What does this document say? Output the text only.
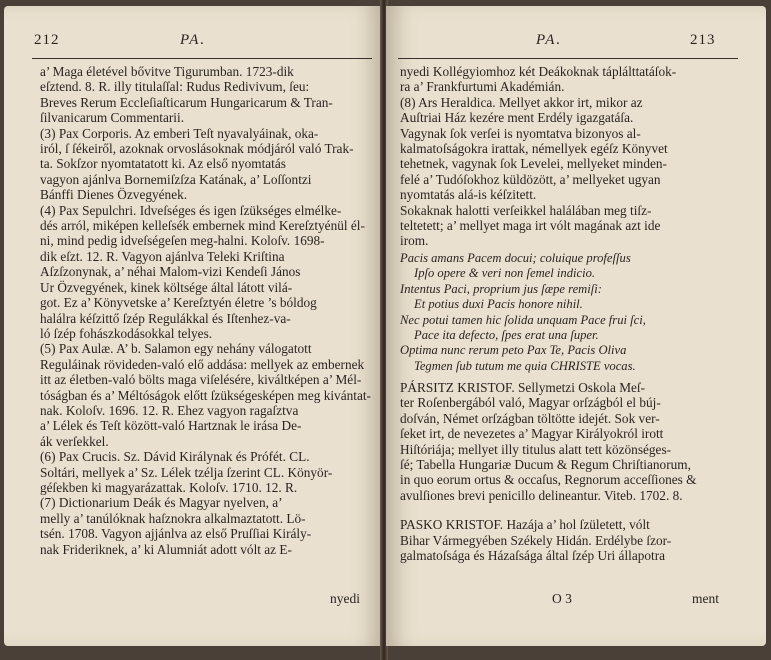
212	PA.
a’ Maga életével bővitve Tigurumban. 1723-dik
eſztend. 8. R. illy titulaſſal: Rudus Redivivum, ſeu:
Breves Rerum Eccleſiaſticarum Hungaricarum & Tran-
ſilvanicarum Commentarii.
(3) Pax Corporis. Az emberi Teſt nyavalyáinak, oka-
iról, ſ ſékeiről, azoknak orvoslásoknak módjáról való Trak-
ta. Sokſzor nyomtatatott ki. Az első nyomtatás
vagyon ajánlva Bornemiſzſza Katának, a’ Loſſontzi
Bánffi Dienes Özvegyének.
(4) Pax Sepulchri. Idveſséges és igen ſzükséges elmélke-
dés arról, miképen kelleſsék embernek mind Kereſztyénül él-
ni, mind pedig idveſségeſen meg-halni. Koloſv. 1698-
dik eſzt. 12. R. Vagyon ajánlva Teleki Kriſtina
Aſzſzonynak, a’ néhai Malom-vizi Kendeſi János
Ur Özvegyének, kinek költsége által látott vilá-
got. Ez a’ Könyvetske a’ Kereſztyén életre ’s bóldog
halálra kéſzittő ſzép Regulákkal és Iſtenhez-va-
ló ſzép fohászkodásokkal telyes.
(5) Pax Aulæ. A’ b. Salamon egy nehány válogatott
Reguláinak rövideden-való elő addása: mellyek az embernek
itt az életben-való bölts maga viſelésére, kiváltképen a’ Mél-
tóságban és a’ Méltóságok előtt ſzükségesképen meg kivántat-
nak. Koloſv. 1696. 12. R. Ehez vagyon ragaſztva
a’ Lélek és Teſt között-való Hartznak le irása De-
ák verſekkel.
(6) Pax Crucis. Sz. Dávid Királynak és Prófét. CL.
Soltári, mellyek a’ Sz. Lélek tzélja ſzerint CL. Könyör-
géſekben ki magyarázattak. Koloſv. 1710. 12. R.
(7) Dictionarium Deák és Magyar nyelven, a’
melly a’ tanúlóknak haſznokra alkalmaztatott. Lö-
tsén. 1708. Vagyon ajjánlva az első Pruſſiai Király-
nak Frideriknek, a’ ki Alumniát adott vólt az E-
nyedi
PA.	213
nyedi Kollégyiomhoz két Deákoknak táplálttatáſok-
ra a’ Frankfurtumi Akadémián.
(8) Ars Heraldica. Mellyet akkor irt, mikor az
Auſtriai Ház kezére ment Erdély igazgatáſa.
Vagynak ſok verſei is nyomtatva bizonyos al-
kalmatoſságokra irattak, némellyek egéſz Könyvet
tehetnek, vagynak ſok Levelei, mellyeket minden-
felé a’ Tudóſokhoz küldözött, a’ mellyeket ugyan
nyomtatás alá-is kéſzitett.
Sokaknak halotti verſeikkel halálában meg tiſz-
teltetett; a’ mellyet maga irt vólt magának azt ide
irom.
Pacis amans Pacem docui; coluique profeſſus
Ipſo opere & veri non ſemel indicio.
Intentus Paci, proprium jus ſæpe remiſi:
Et potius duxi Pacis honore nihil.
Nec potui tamen hic ſolida unquam Pace frui ſci,
Pace ita defecto, ſpes erat una ſuper.
Optima nunc rerum peto Pax Te, Pacis Oliva
Tegmen ſub tutum me quia CHRISTE vocas.
PÁRSITZ KRISTOF. Sellymetzi Oskola Meſ-
ter Roſenbergából való, Magyar orſzágból el búj-
doſván, Német orſzágban töltötte idejét. Sok ver-
ſeket irt, de nevezetes a’ Magyar Királyokról irott
Hiſtóriája; mellyet illy titulus alatt tett közönséges-
ſé; Tabella Hungariæ Ducum & Regum Chriſtianorum,
in quo eorum ortus & occaſus, Regnorum acceſſiones &
avulſiones brevi penicillo delineantur. Viteb. 1702. 8.
PASKO KRISTOF. Hazája a’ hol ſzületett, vólt
Bihar Vármegyében Székely Hidán. Erdélybe ſzor-
galmatoſsága és Házaſsága által ſzép Uri állapotra
O 3	ment
